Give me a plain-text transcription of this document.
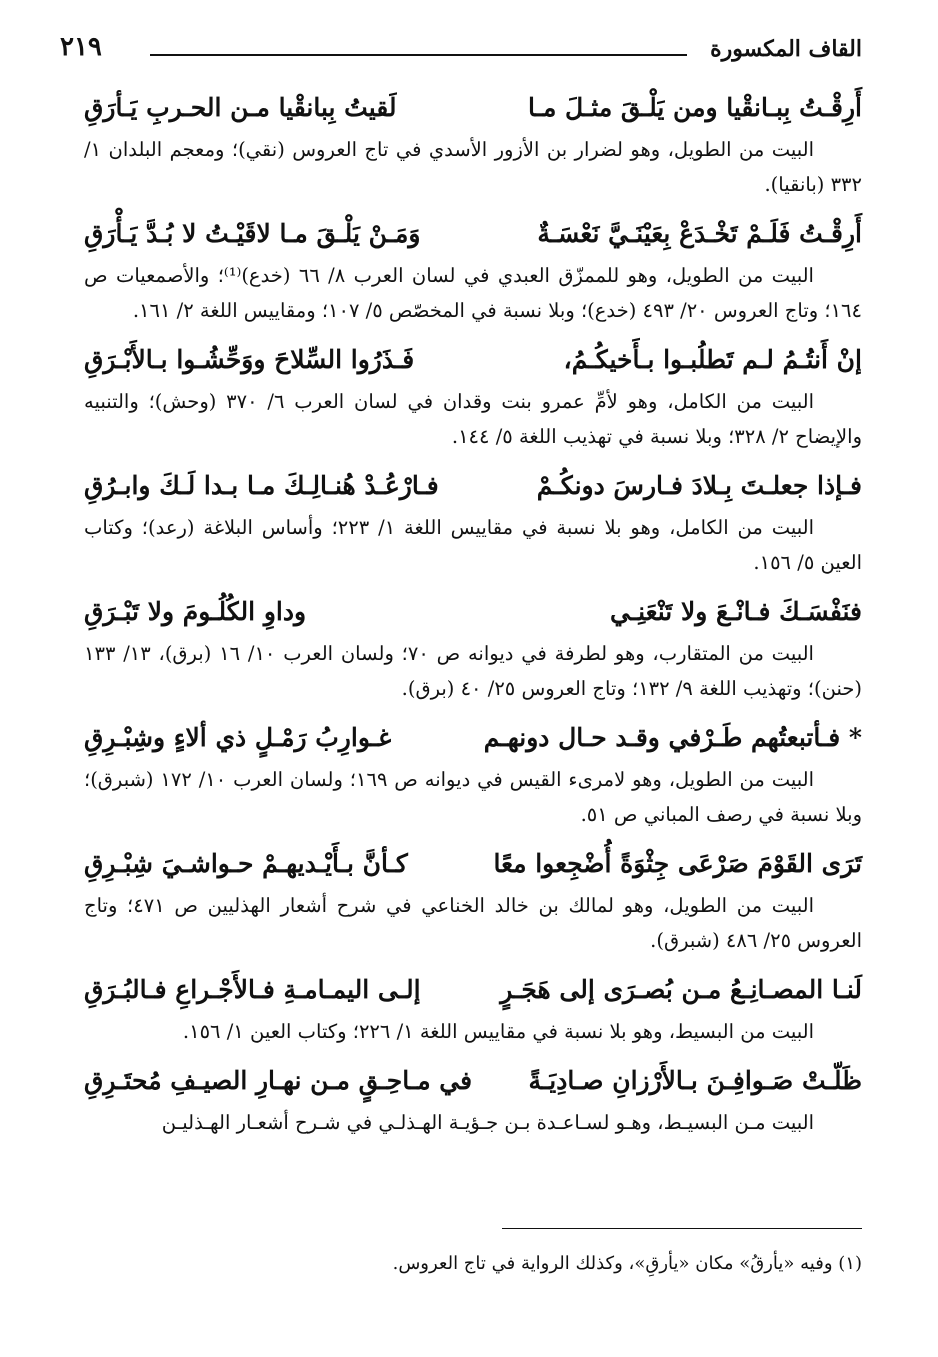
القاف المكسورة
٢١٩
أَرِقْـتُ بِبـانقْيا ومن يَلْـقَ مثـلَ مـا
لَقيتُ بِبانقْيا مـن الحـربِ يَـأرَقِ

البيت من الطويل، وهو لضرار بن الأزور الأسدي في تاج العروس (نقي)؛ ومعجم البلدان ١/ ٣٣٢ (بانقيا).

أَرِقْـتُ فَلَـمْ تَخْـدَعْ بِعَيْنَـيَّ نَعْسَـةٌ
وَمَـنْ يَلْـقَ مـا لاقَيْـتُ لا بُـدَّ يَـأْرَقِ

البيت من الطويل، وهو للممزّق العبدي في لسان العرب ٨/ ٦٦ (خدع)⁽¹⁾؛ والأصمعيات ص ١٦٤؛ وتاج العروس ٢٠/ ٤٩٣ (خدع)؛ وبلا نسبة في المخصّص ٥/ ١٠٧؛ ومقاييس اللغة ٢/ ١٦١.

إنْ أَنتُـمُ لـم تَطلُبـوا بـأَخيكُـمُ،
فَـذَرُوا السِّلاحَ ووَحِّشُـوا بـالأَبْـرَقِ

البيت من الكامل، وهو لأمِّ عمرو بنت وقدان في لسان العرب ٦/ ٣٧٠ (وحش)؛ والتنبيه والإيضاح ٢/ ٣٢٨؛ وبلا نسبة في تهذيب اللغة ٥/ ١٤٤.

فـإذا جعلـتَ بِـلادَ فـارسَ دونكُـمْ
فـارْعُـدْ هُنـالِـكَ مـا بـدا لَـكَ وابـرُقِ

البيت من الكامل، وهو بلا نسبة في مقاييس اللغة ١/ ٢٢٣؛ وأساس البلاغة (رعد)؛ وكتاب العين ٥/ ١٥٦.

فنَفْسَـكَ فـانْـعَ ولا تَنْعَنِـي
وداوِ الكُلُـومَ ولا تَبْـرَقِ

البيت من المتقارب، وهو لطرفة في ديوانه ص ٧٠؛ ولسان العرب ١٠/ ١٦ (برق)، ١٣/ ١٣٣ (حنن)؛ وتهذيب اللغة ٩/ ١٣٢؛ وتاج العروس ٢٥/ ٤٠ (برق).

* فـأتبعتُهم طَـرْفي وقـد حـال دونهـم
غـوارِبُ رَمْـلٍ ذي ألاءٍ وشِبْـرِقِ

البيت من الطويل، وهو لامرىء القيس في ديوانه ص ١٦٩؛ ولسان العرب ١٠/ ١٧٢ (شبرق)؛ وبلا نسبة في رصف المباني ص ٥١.

تَرَى القَوْمَ صَرْعَى جِثْوَةً أُضْجِعوا معًا
كـأنَّ بـأَيْـديهـمْ حـواشـيَ شِبْـرِقِ

البيت من الطويل، وهو لمالك بن خالد الخناعي في شرح أشعار الهذليين ص ٤٧١؛ وتاج العروس ٢٥/ ٤٨٦ (شبرق).

لَنـا المصـانِـعُ مـن بُصـرَى إلى هَجَـرٍ
إلـى اليمـامـةِ فـالأَجْـراعِ فـالبُـرَقِ

البيت من البسيط، وهو بلا نسبة في مقاييس اللغة ١/ ٢٢٦؛ وكتاب العين ١/ ١٥٦.

ظَلّـتْ صَـوافِـنَ بـالأَرْزانِ صـادِيَـةً
في مـاحِـقٍ مـن نهـارِ الصيـفِ مُحتَـرِقِ

البيت مـن البسيـط، وهـو لسـاعـدة بـن جـؤيـة الهـذلـي في شـرح أشعـار الهـذليـن

(١) وفيه «يأرقُ» مكان «يأرقِ»، وكذلك الرواية في تاج العروس.
